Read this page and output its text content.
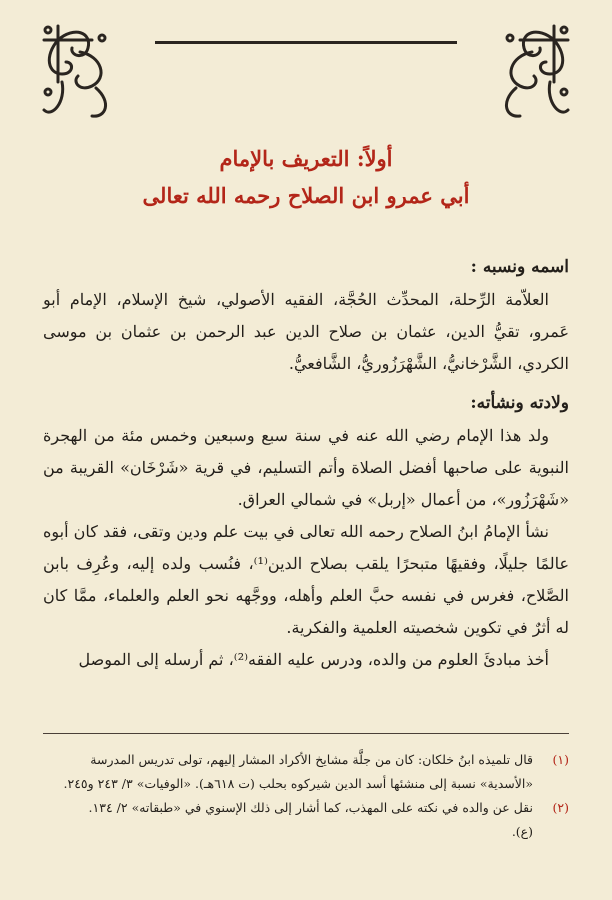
أولاً: التعريف بالإمام
أبي عمرو ابن الصلاح رحمه الله تعالى

اسمه ونسبه :

العلاّمة الرِّحلة، المحدِّث الحُجَّة، الفقيه الأصولي، شيخ الإسلام، الإمام أبو عَمرو، تقيُّ الدين، عثمان بن صلاح الدين عبد الرحمن بن عثمان بن موسى الكردي، الشَّرْخانيُّ، الشَّهْرَزُوريُّ، الشَّافعيُّ.

ولادته ونشأته:

ولد هذا الإمام رضي الله عنه في سنة سبع وسبعين وخمس مئة من الهجرة النبوية على صاحبها أفضل الصلاة وأتم التسليم، في قرية «شَرْخَان» القريبة من «شَهْرَزُور»، من أعمال «إربل» في شمالي العراق.

نشأ الإمامُ ابنُ الصلاح رحمه الله تعالى في بيت علم ودين وتقى، فقد كان أبوه عالمًا جليلًا، وفقيهًا متبحرًا يلقب بصلاح الدين⁽¹⁾، فنُسب ولده إليه، وعُرِف بابن الصَّلاح، فغرس في نفسه حبَّ العلم وأهله، ووجَّهه نحو العلم والعلماء، ممَّا كان له أثرٌ في تكوين شخصيته العلمية والفكرية.

أخذ مبادئَ العلوم من والده، ودرس عليه الفقه⁽²⁾، ثم أرسله إلى الموصل

(١)
قال تلميذه ابنُ خلكان: كان من جلَّة مشايخ الأكراد المشار إليهم، تولى تدريس المدرسة «الأسدية» نسبة إلى منشئها أسد الدين شيركوه بحلب (ت ٦١٨هـ). «الوفيات» ٣/ ٢٤٣ و٢٤٥.
(٢)
نقل عن والده في نكته على المهذب، كما أشار إلى ذلك الإسنوي في «طبقاته» ٢/ ١٣٤.

(ع).
